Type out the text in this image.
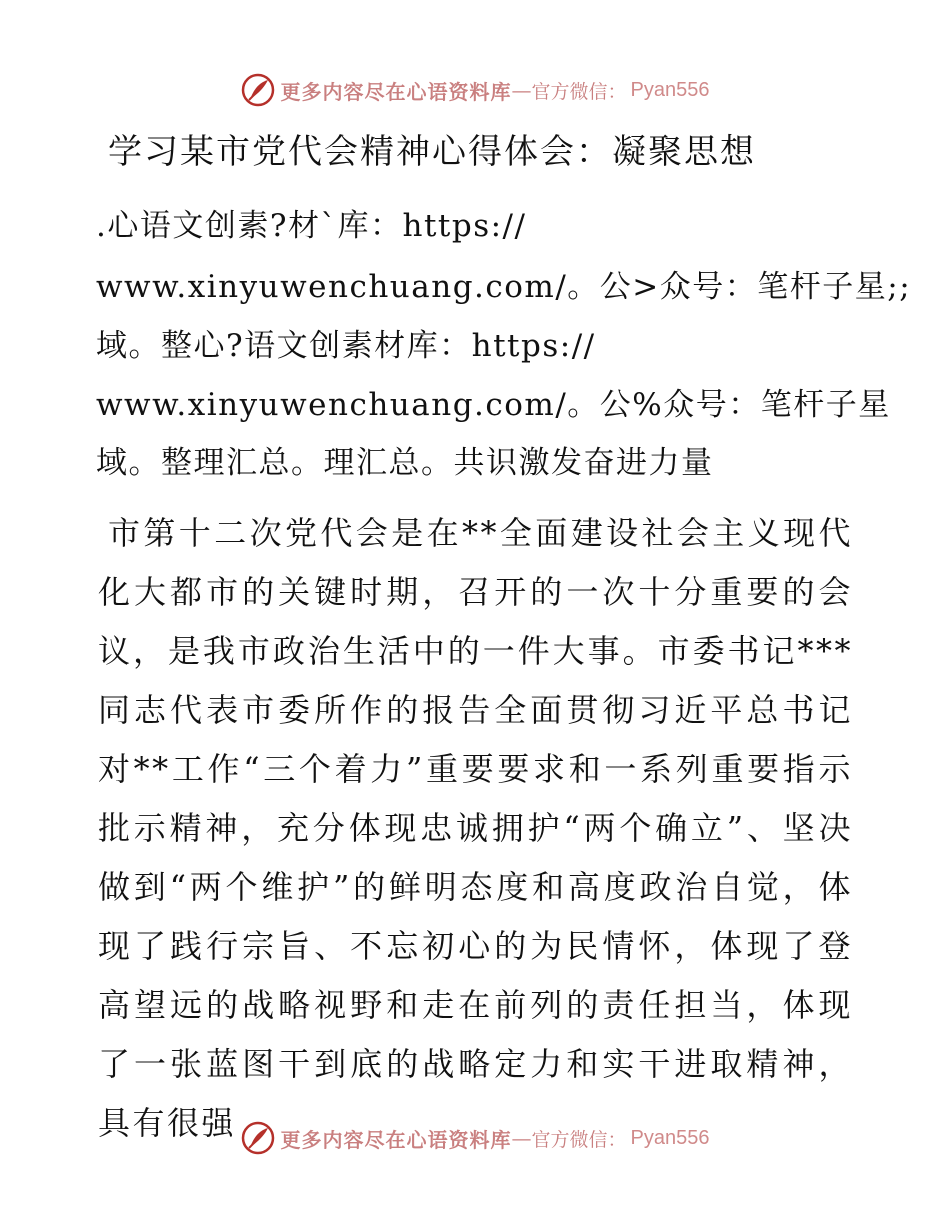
更多内容尽在心语资料库 — 官方微信： Pyan556
学习某市党代会精神心得体会：凝聚思想
.心语文创素?材`库：https://
www.xinyuwenchuang.com/。公>众号：笔杆子星;;
域。整心?语文创素材库：https://
www.xinyuwenchuang.com/。公%众号：笔杆子星
域。整理汇总。理汇总。共识激发奋进力量
市第十二次党代会是在**全面建设社会主义现代化大都市的关键时期，召开的一次十分重要的会议，是我市政治生活中的一件大事。市委书记***同志代表市委所作的报告全面贯彻习近平总书记对**工作“三个着力”重要要求和一系列重要指示批示精神，充分体现忠诚拥护“两个确立”、坚决做到“两个维护”的鲜明态度和高度政治自觉，体现了践行宗旨、不忘初心的为民情怀，体现了登高望远的战略视野和走在前列的责任担当，体现了一张蓝图干到底的战略定力和实干进取精神，具有很强	更多内容尽在心语资料库 — 官方微信： Pyan556
